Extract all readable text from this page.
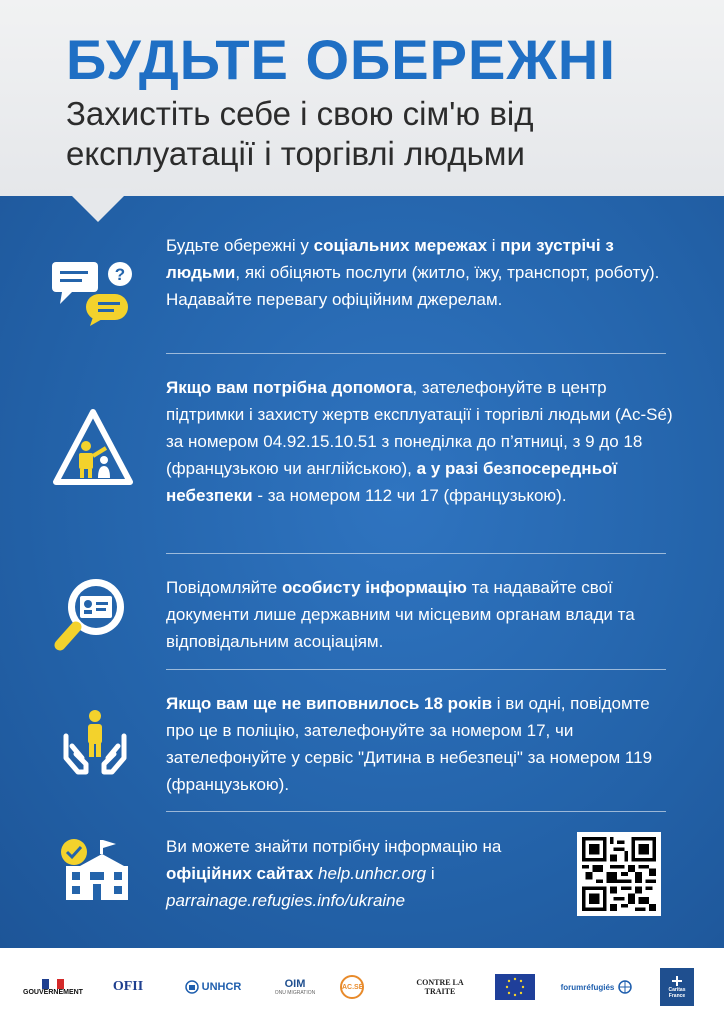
БУДЬТЕ ОБЕРЕЖНІ
Захистіть себе і свою сім'ю від експлуатації і торгівлі людьми
?
Будьте обережні у соціальних мережах і при зустрічі з людьми, які обіцяють послуги (житло, їжу, транспорт, роботу). Надавайте перевагу офіційним джерелам.
Якщо вам потрібна допомога, зателефонуйте в центр підтримки і захисту жертв експлуатації і торгівлі людьми (Ac-Sé) за номером 04.92.15.10.51 з понеділка до п’ятниці, з 9 до 18 (французькою чи англійською), а у разі безпосередньої небезпеки - за номером 112 чи 17 (французькою).
Повідомляйте особисту інформацію та надавайте свої документи лише державним чи місцевим органам влади та відповідальним асоціаціям.
Якщо вам ще не виповнилось 18 років і ви одні, повідомте про це в поліцію, зателефонуйте за номером 17, чи зателефонуйте у сервіс "Дитина в небезпеці" за номером 119 (французькою).
Ви можете знайти потрібну інформацію на офіційних сайтах help.unhcr.org і parrainage.refugies.info/ukraine
GOUVERNEMENT OFII	UNHCR	OIM
ONU MIGRATION
AC.SÉ	CONTRE LA TRAITE	forumréfugiés	Caritas France
